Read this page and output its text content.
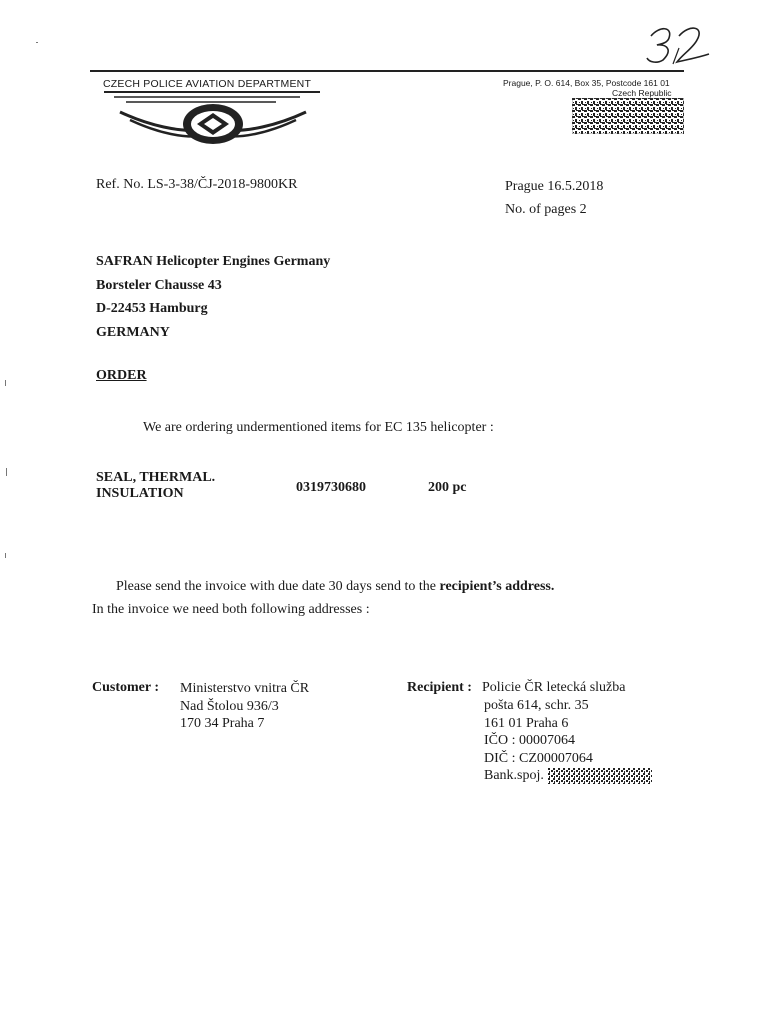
CZECH POLICE AVIATION DEPARTMENT	Prague, P. O. 614, Box 35, Postcode 161 01
Czech Republic
Ref. No. LS-3-38/ČJ-2018-9800KR	Prague 16.5.2018
No. of pages 2
SAFRAN Helicopter Engines Germany
Borsteler Chausse 43
D-22453 Hamburg
GERMANY
ORDER
We are ordering undermentioned items for EC 135 helicopter :
SEAL, THERMAL.
INSULATION	0319730680	200 pc
Please send the invoice with due date 30 days send to the recipient’s address.
In the invoice we need both following addresses :
Customer : Ministerstvo vnitra ČR
Nad Štolou 936/3
170 34 Praha 7
Recipient : Policie ČR letecká služba
pošta 614, schr. 35
161 01 Praha 6
IČO : 00007064
DIČ : CZ00007064
Bank.spoj.
